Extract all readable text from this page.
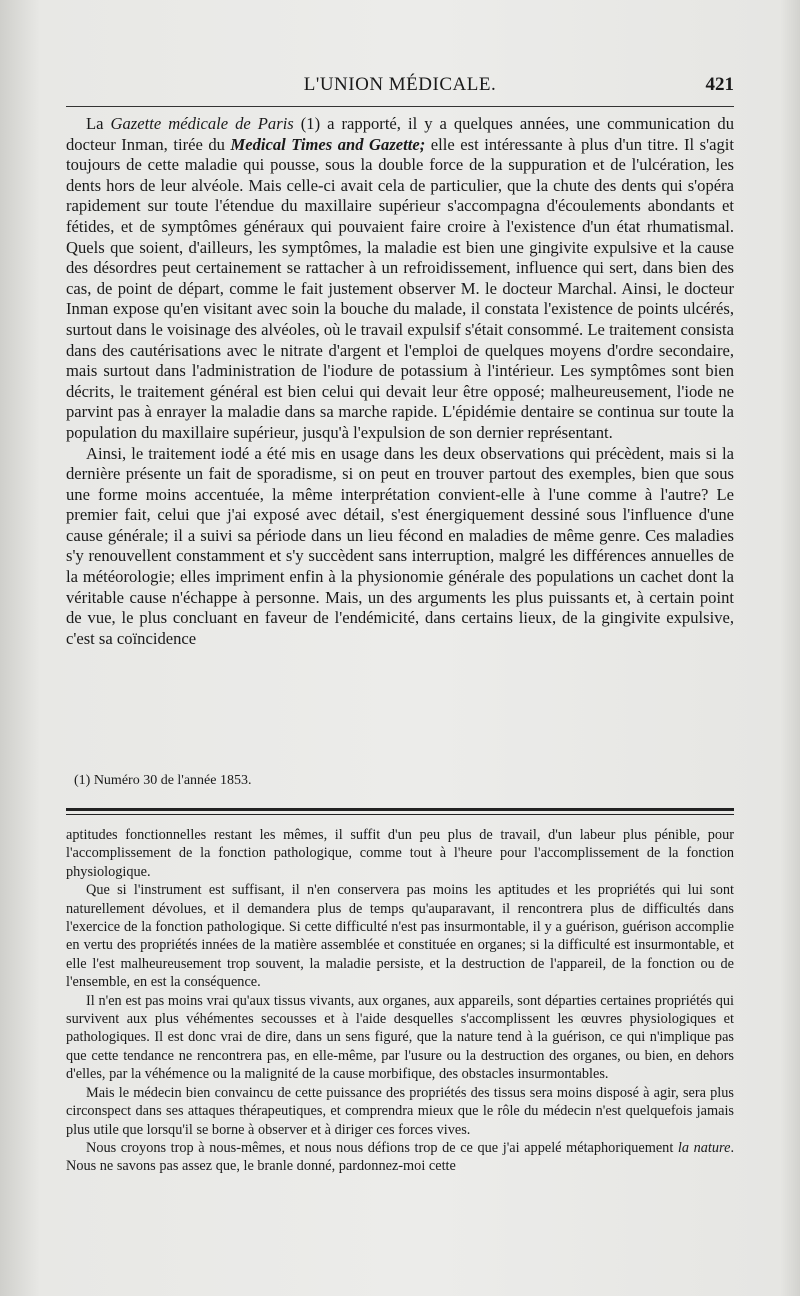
L'UNION MÉDICALE.	421

La Gazette médicale de Paris (1) a rapporté, il y a quelques années, une communication du docteur Inman, tirée du Medical Times and Gazette; elle est intéressante à plus d'un titre. Il s'agit toujours de cette maladie qui pousse, sous la double force de la suppuration et de l'ulcération, les dents hors de leur alvéole. Mais celle-ci avait cela de particulier, que la chute des dents qui s'opéra rapidement sur toute l'étendue du maxillaire supérieur s'accompagna d'écoulements abondants et fétides, et de symptômes généraux qui pouvaient faire croire à l'existence d'un état rhumatismal. Quels que soient, d'ailleurs, les symptômes, la maladie est bien une gingivite expulsive et la cause des désordres peut certainement se rattacher à un refroidissement, influence qui sert, dans bien des cas, de point de départ, comme le fait justement observer M. le docteur Marchal. Ainsi, le docteur Inman expose qu'en visitant avec soin la bouche du malade, il constata l'existence de points ulcérés, surtout dans le voisinage des alvéoles, où le travail expulsif s'était consommé. Le traitement consista dans des cautérisations avec le nitrate d'argent et l'emploi de quelques moyens d'ordre secondaire, mais surtout dans l'administration de l'iodure de potassium à l'intérieur. Les symptômes sont bien décrits, le traitement général est bien celui qui devait leur être opposé; malheureusement, l'iode ne parvint pas à enrayer la maladie dans sa marche rapide. L'épidémie dentaire se continua sur toute la population du maxillaire supérieur, jusqu'à l'expulsion de son dernier représentant.

Ainsi, le traitement iodé a été mis en usage dans les deux observations qui précèdent, mais si la dernière présente un fait de sporadisme, si on peut en trouver partout des exemples, bien que sous une forme moins accentuée, la même interprétation convient-elle à l'une comme à l'autre? Le premier fait, celui que j'ai exposé avec détail, s'est énergiquement dessiné sous l'influence d'une cause générale; il a suivi sa période dans un lieu fécond en maladies de même genre. Ces maladies s'y renouvellent constamment et s'y succèdent sans interruption, malgré les différences annuelles de la météorologie; elles impriment enfin à la physionomie générale des populations un cachet dont la véritable cause n'échappe à personne. Mais, un des arguments les plus puissants et, à certain point de vue, le plus concluant en faveur de l'endémicité, dans certains lieux, de la gingivite expulsive, c'est sa coïncidence

(1) Numéro 30 de l'année 1853.

aptitudes fonctionnelles restant les mêmes, il suffit d'un peu plus de travail, d'un labeur plus pénible, pour l'accomplissement de la fonction pathologique, comme tout à l'heure pour l'accomplissement de la fonction physiologique.

Que si l'instrument est suffisant, il n'en conservera pas moins les aptitudes et les propriétés qui lui sont naturellement dévolues, et il demandera plus de temps qu'auparavant, il rencontrera plus de difficultés dans l'exercice de la fonction pathologique. Si cette difficulté n'est pas insurmontable, il y a guérison, guérison accomplie en vertu des propriétés innées de la matière assemblée et constituée en organes; si la difficulté est insurmontable, et elle l'est malheureusement trop souvent, la maladie persiste, et la destruction de l'appareil, de la fonction ou de l'ensemble, en est la conséquence.

Il n'en est pas moins vrai qu'aux tissus vivants, aux organes, aux appareils, sont départies certaines propriétés qui survivent aux plus véhémentes secousses et à l'aide desquelles s'accomplissent les œuvres physiologiques et pathologiques. Il est donc vrai de dire, dans un sens figuré, que la nature tend à la guérison, ce qui n'implique pas que cette tendance ne rencontrera pas, en elle-même, par l'usure ou la destruction des organes, ou bien, en dehors d'elles, par la véhémence ou la malignité de la cause morbifique, des obstacles insurmontables.

Mais le médecin bien convaincu de cette puissance des propriétés des tissus sera moins disposé à agir, sera plus circonspect dans ses attaques thérapeutiques, et comprendra mieux que le rôle du médecin n'est quelquefois jamais plus utile que lorsqu'il se borne à observer et à diriger ces forces vives.

Nous croyons trop à nous-mêmes, et nous nous défions trop de ce que j'ai appelé métaphoriquement la nature. Nous ne savons pas assez que, le branle donné, pardonnez-moi cette
